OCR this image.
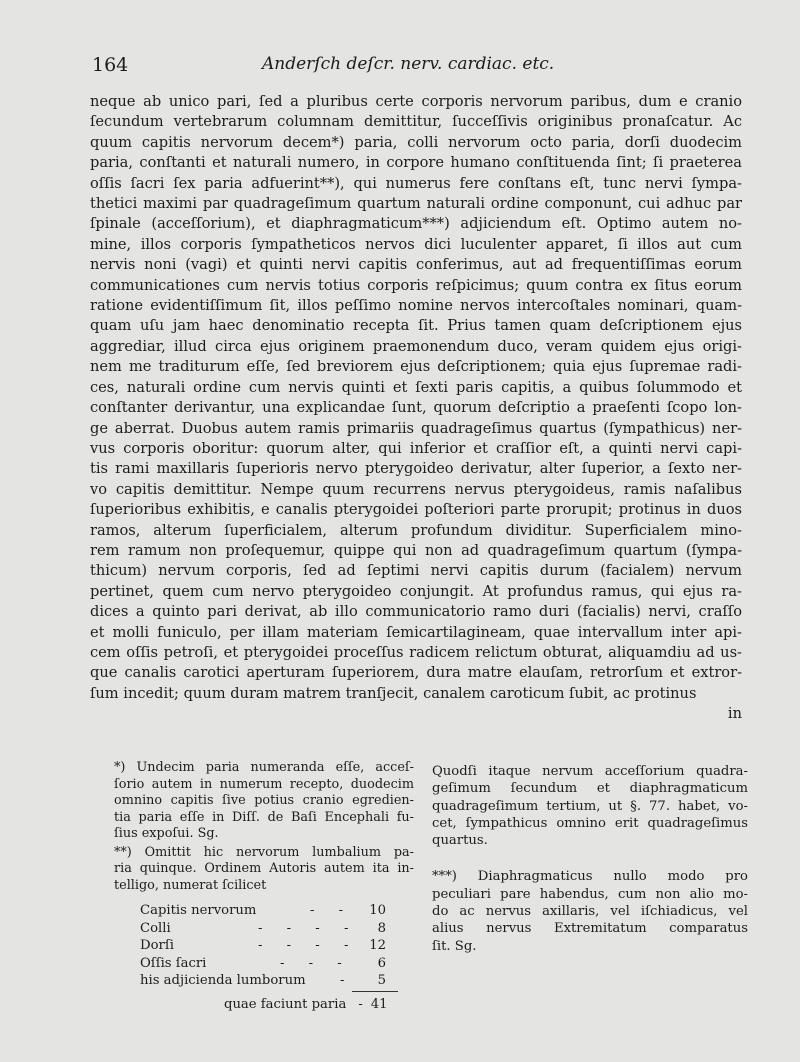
164	Anderſch deſcr. nerv. cardiac. etc.
neque ab unico pari, ſed a pluribus certe corporis nervorum paribus, dum e cranio
ſecundum vertebrarum columnam demittitur, ſucceſſivis originibus pronaſcatur. Ac
quum capitis nervorum decem*) paria, colli nervorum octo paria, dorſi duodecim
paria, conſtanti et naturali numero, in corpore humano conſtituenda ſint; ſi praeterea
oſſis ſacri ſex paria adfuerint**), qui numerus fere conſtans eſt, tunc nervi ſympa-
thetici maximi par quadrageſimum quartum naturali ordine componunt, cui adhuc par
ſpinale (acceſſorium), et diaphragmaticum***) adjiciendum eſt. Optimo autem no-
mine, illos corporis ſympatheticos nervos dici luculenter apparet, ſi illos aut cum
nervis noni (vagi) et quinti nervi capitis conferimus, aut ad frequentiſſimas eorum
communicationes cum nervis totius corporis reſpicimus; quum contra ex ſitus eorum
ratione evidentiſſimum ſit, illos peſſimo nomine nervos intercoſtales nominari, quam-
quam uſu jam haec denominatio recepta ſit. Prius tamen quam deſcriptionem ejus
aggrediar, illud circa ejus originem praemonendum duco, veram quidem ejus origi-
nem me traditurum eſſe, ſed breviorem ejus deſcriptionem; quia ejus ſupremae radi-
ces, naturali ordine cum nervis quinti et ſexti paris capitis, a quibus ſolummodo et
conſtanter derivantur, una explicandae ſunt, quorum deſcriptio a praeſenti ſcopo lon-
ge aberrat. Duobus autem ramis primariis quadrageſimus quartus (ſympathicus) ner-
vus corporis oboritur: quorum alter, qui inferior et craſſior eſt, a quinti nervi capi-
tis rami maxillaris ſuperioris nervo pterygoideo derivatur, alter ſuperior, a ſexto ner-
vo capitis demittitur. Nempe quum recurrens nervus pterygoideus, ramis naſalibus
ſuperioribus exhibitis, e canalis pterygoidei poſteriori parte prorupit; protinus in duos
ramos, alterum ſuperficialem, alterum profundum dividitur. Superficialem mino-
rem ramum non proſequemur, quippe qui non ad quadrageſimum quartum (ſympa-
thicum) nervum corporis, ſed ad ſeptimi nervi capitis durum (facialem) nervum
pertinet, quem cum nervo pterygoideo conjungit. At profundus ramus, qui ejus ra-
dices a quinto pari derivat, ab illo communicatorio ramo duri (facialis) nervi, craſſo
et molli funiculo, per illam materiam ſemicartilagineam, quae intervallum inter api-
cem oſſis petroſi, et pterygoidei proceſſus radicem relictum obturat, aliquamdiu ad us-
que canalis carotici aperturam ſuperiorem, dura matre elauſam, retrorſum et extror-
ſum incedit; quum duram matrem tranſjecit, canalem caroticum ſubit, ac protinus
in
*) Undecim paria numeranda eſſe, acceſ-
ſorio autem in numerum recepto, duodecim
omnino capitis ſive potius cranio egredien-
tia paria eſſe in Diſſ. de Baſi Encephali fu-
ſius expoſui. Sg.
**) Omittit hic nervorum lumbalium pa-
ria quinque. Ordinem Autoris autem ita in-
telligo, numerat ſcilicet
Capitis nervorum	- - 10
Colli	- - - - 8
Dorſi	- - - - 12
Oſſis ſacri	- - - 6
his adjicienda lumborum	- 5
quae faciunt paria - 41
Quodſi itaque nervum acceſſorium quadra-
geſimum ſecundum et diaphragmaticum
quadrageſimum tertium, ut §. 77. habet, vo-
cet, ſympathicus omnino erit quadrageſimus
quartus.
***) Diaphragmaticus nullo modo pro
peculiari pare habendus, cum non alio mo-
do ac nervus axillaris, vel iſchiadicus, vel
alius nervus Extremitatum comparatus
ſit. Sg.
